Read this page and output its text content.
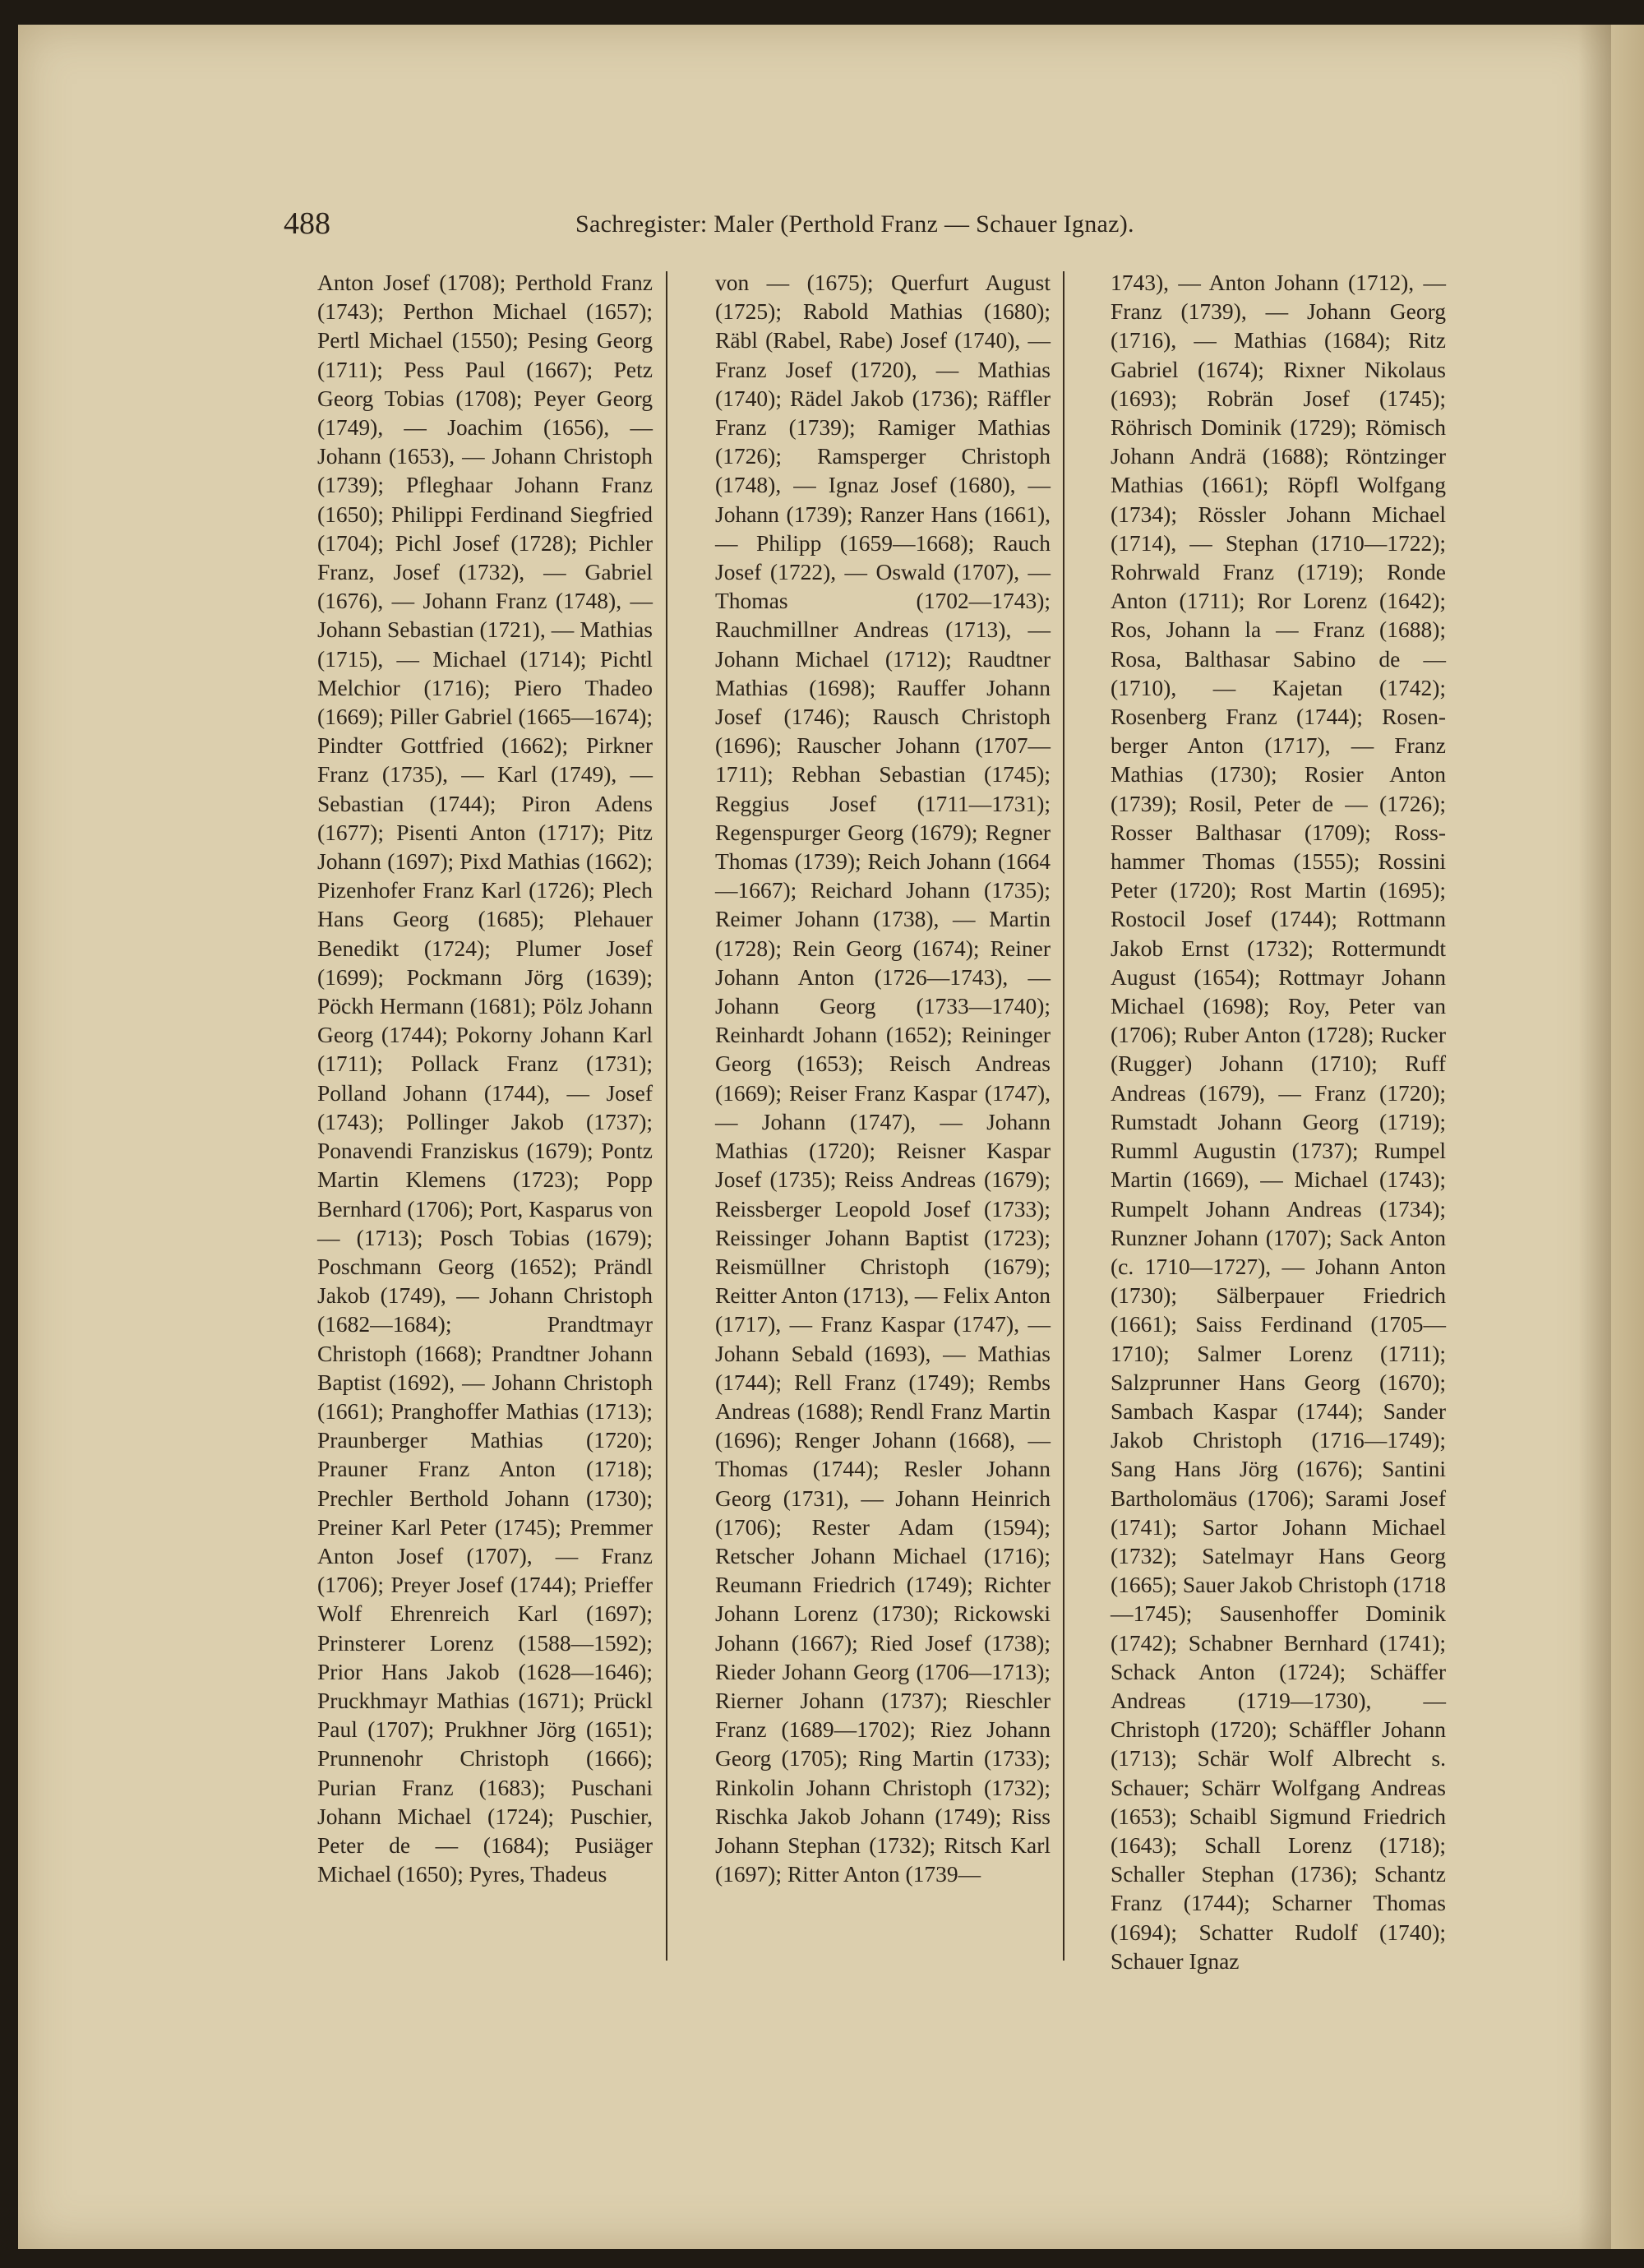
488	Sachregister: Maler (Perthold Franz — Schauer Ignaz).
Anton Josef (1708); Perthold Franz (1743); Perthon Michael (1657); Pertl Michael (1550); Pesing Georg (1711); Pess Paul (1667); Petz Georg Tobias (1708); Peyer Georg (1749), — Joachim (1656), — Johann (1653), — Johann Christoph (1739); Pfleghaar Johann Franz (1650); Philippi Ferdinand Siegfried (1704); Pichl Josef (1728); Pichler Franz, Josef (1732), — Gabriel (1676), — Johann Franz (1748), — Johann Sebastian (1721), — Mathias (1715), — Michael (1714); Pichtl Melchior (1716); Piero Thadeo (1669); Piller Gabriel (1665—1674); Pindter Gottfried (1662); Pirkner Franz (1735), — Karl (1749), — Sebastian (1744); Piron Adens (1677); Pisenti Anton (1717); Pitz Johann (1697); Pixd Mathias (1662); Pizenhofer Franz Karl (1726); Plech Hans Georg (1685); Plehauer Benedikt (1724); Plumer Josef (1699); Pockmann Jörg (1639); Pöckh Hermann (1681); Pölz Johann Georg (1744); Pokorny Johann Karl (1711); Pollack Franz (1731); Polland Johann (1744), — Josef (1743); Pollinger Jakob (1737); Ponavendi Franziskus (1679); Pontz Martin Klemens (1723); Popp Bernhard (1706); Port, Kasparus von — (1713); Posch Tobias (1679); Poschmann Georg (1652); Prändl Jakob (1749), — Johann Christoph (1682—1684); Prandtmayr Christoph (1668); Prandtner Johann Baptist (1692), — Johann Christoph (1661); Pranghoffer Mathias (1713); Praunberger Mathias (1720); Prauner Franz Anton (1718); Prechler Berthold Johann (1730); Preiner Karl Peter (1745); Premmer Anton Josef (1707), — Franz (1706); Preyer Josef (1744); Prieffer Wolf Ehrenreich Karl (1697); Prinsterer Lorenz (1588—1592); Prior Hans Jakob (1628—1646); Pruckhmayr Mathias (1671); Prückl Paul (1707); Prukhner Jörg (1651); Prunnenohr Christoph (1666); Purian Franz (1683); Puschani Johann Michael (1724); Puschier, Peter de — (1684); Pusiäger Michael (1650); Pyres, Thadeus
von — (1675); Querfurt August (1725); Rabold Mathias (1680); Räbl (Rabel, Rabe) Josef (1740), — Franz Josef (1720), — Mathias (1740); Rädel Jakob (1736); Räffler Franz (1739); Ramiger Mathias (1726); Ramsperger Christoph (1748), — Ignaz Josef (1680), — Johann (1739); Ranzer Hans (1661), — Philipp (1659—1668); Rauch Josef (1722), — Oswald (1707), — Thomas (1702—1743); Rauchmillner Andreas (1713), — Johann Michael (1712); Raudtner Mathias (1698); Rauffer Johann Josef (1746); Rausch Christoph (1696); Rauscher Johann (1707—1711); Rebhan Sebastian (1745); Reggius Josef (1711—1731); Regenspurger Georg (1679); Regner Thomas (1739); Reich Johann (1664—1667); Reichard Johann (1735); Reimer Johann (1738), — Martin (1728); Rein Georg (1674); Reiner Johann Anton (1726—1743), — Johann Georg (1733—1740); Reinhardt Johann (1652); Reininger Georg (1653); Reisch Andreas (1669); Reiser Franz Kaspar (1747), — Johann (1747), — Johann Mathias (1720); Reisner Kaspar Josef (1735); Reiss Andreas (1679); Reissberger Leopold Josef (1733); Reissinger Johann Baptist (1723); Reismüllner Christoph (1679); Reitter Anton (1713), — Felix Anton (1717), — Franz Kaspar (1747), — Johann Sebald (1693), — Mathias (1744); Rell Franz (1749); Rembs Andreas (1688); Rendl Franz Martin (1696); Renger Johann (1668), — Thomas (1744); Resler Johann Georg (1731), — Johann Heinrich (1706); Rester Adam (1594); Retscher Johann Michael (1716); Reumann Friedrich (1749); Richter Johann Lorenz (1730); Rickowski Johann (1667); Ried Josef (1738); Rieder Johann Georg (1706—1713); Rierner Johann (1737); Rieschler Franz (1689—1702); Riez Johann Georg (1705); Ring Martin (1733); Rinkolin Johann Christoph (1732); Rischka Jakob Johann (1749); Riss Johann Stephan (1732); Ritsch Karl (1697); Ritter Anton (1739—
1743), — Anton Johann (1712), — Franz (1739), — Johann Georg (1716), — Mathias (1684); Ritz Gabriel (1674); Rixner Nikolaus (1693); Robrän Josef (1745); Röhrisch Dominik (1729); Römisch Johann Andrä (1688); Röntzinger Mathias (1661); Röpfl Wolfgang (1734); Rössler Johann Michael (1714), — Stephan (1710—1722); Rohrwald Franz (1719); Ronde Anton (1711); Ror Lorenz (1642); Ros, Johann la — Franz (1688); Rosa, Balthasar Sabino de — (1710), — Kajetan (1742); Rosenberg Franz (1744); Rosenberger Anton (1717), — Franz Mathias (1730); Rosier Anton (1739); Rosil, Peter de — (1726); Rosser Balthasar (1709); Rosshammer Thomas (1555); Rossini Peter (1720); Rost Martin (1695); Rostocil Josef (1744); Rottmann Jakob Ernst (1732); Rottermundt August (1654); Rottmayr Johann Michael (1698); Roy, Peter van (1706); Ruber Anton (1728); Rucker (Rugger) Johann (1710); Ruff Andreas (1679), — Franz (1720); Rumstadt Johann Georg (1719); Rumml Augustin (1737); Rumpel Martin (1669), — Michael (1743); Rumpelt Johann Andreas (1734); Runzner Johann (1707); Sack Anton (c. 1710—1727), — Johann Anton (1730); Sälberpauer Friedrich (1661); Saiss Ferdinand (1705—1710); Salmer Lorenz (1711); Salzprunner Hans Georg (1670); Sambach Kaspar (1744); Sander Jakob Christoph (1716—1749); Sang Hans Jörg (1676); Santini Bartholomäus (1706); Sarami Josef (1741); Sartor Johann Michael (1732); Satelmayr Hans Georg (1665); Sauer Jakob Christoph (1718—1745); Sausenhoffer Dominik (1742); Schabner Bernhard (1741); Schack Anton (1724); Schäffer Andreas (1719—1730), — Christoph (1720); Schäffler Johann (1713); Schär Wolf Albrecht s. Schauer; Schärr Wolfgang Andreas (1653); Schaibl Sigmund Friedrich (1643); Schall Lorenz (1718); Schaller Stephan (1736); Schantz Franz (1744); Scharner Thomas (1694); Schatter Rudolf (1740); Schauer Ignaz
